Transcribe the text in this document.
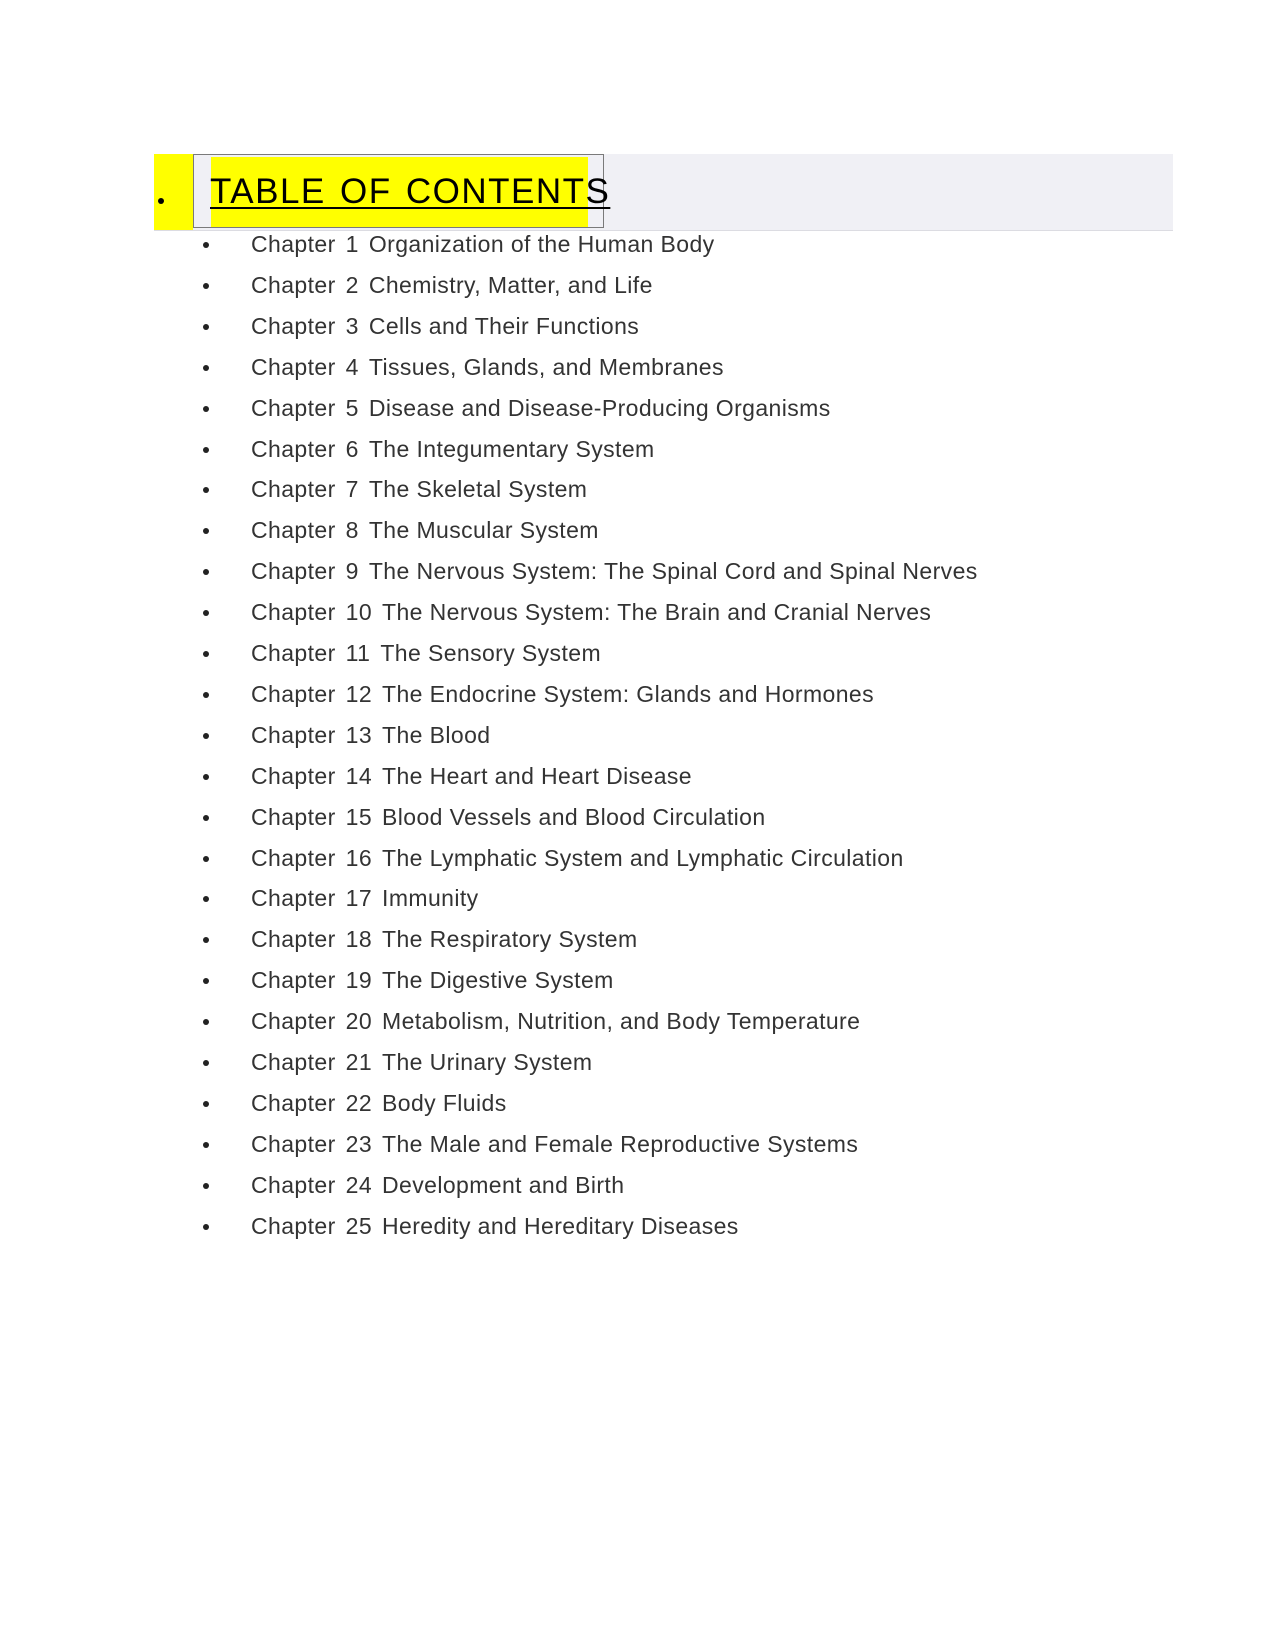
TABLE OF CONTENTS
Chapter 1 Organization of the Human Body
Chapter 2 Chemistry, Matter, and Life
Chapter 3 Cells and Their Functions
Chapter 4 Tissues, Glands, and Membranes
Chapter 5 Disease and Disease-Producing Organisms
Chapter 6 The Integumentary System
Chapter 7 The Skeletal System
Chapter 8 The Muscular System
Chapter 9 The Nervous System: The Spinal Cord and Spinal Nerves
Chapter 10 The Nervous System: The Brain and Cranial Nerves
Chapter 11 The Sensory System
Chapter 12 The Endocrine System: Glands and Hormones
Chapter 13 The Blood
Chapter 14 The Heart and Heart Disease
Chapter 15 Blood Vessels and Blood Circulation
Chapter 16 The Lymphatic System and Lymphatic Circulation
Chapter 17 Immunity
Chapter 18 The Respiratory System
Chapter 19 The Digestive System
Chapter 20 Metabolism, Nutrition, and Body Temperature
Chapter 21 The Urinary System
Chapter 22 Body Fluids
Chapter 23 The Male and Female Reproductive Systems
Chapter 24 Development and Birth
Chapter 25 Heredity and Hereditary Diseases
